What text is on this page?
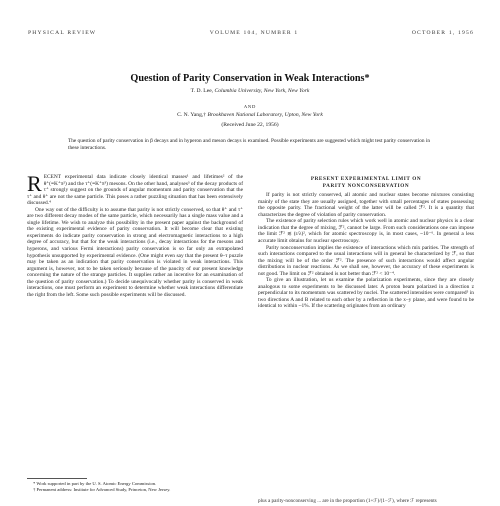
PHYSICAL REVIEW	VOLUME 104, NUMBER 1	OCTOBER 1, 1956
Question of Parity Conservation in Weak Interactions*
T. D. Lee, Columbia University, New York, New York
AND
C. N. Yang,† Brookhaven National Laboratory, Upton, New York
(Received June 22, 1956)
The question of parity conservation in β decays and in hyperon and meson decays is examined. Possible experiments are suggested which might test parity conservation in these interactions.

RECENT experimental data indicate closely identical masses¹ and lifetimes² of the θ⁺(≡K⁺π²) and the τ⁺(≡K⁺π³) mesons. On the other hand, analyses³ of the decay products of τ⁺ strongly suggest on the grounds of angular momentum and parity conservation that the τ⁺ and θ⁺ are not the same particle. This poses a rather puzzling situation that has been extensively discussed.⁴

One way out of the difficulty is to assume that parity is not strictly conserved, so that θ⁺ and τ⁺ are two different decay modes of the same particle, which necessarily has a single mass value and a single lifetime. We wish to analyze this possibility in the present paper against the background of the existing experimental evidence of parity conservation. It will become clear that existing experiments do indicate parity conservation in strong and electromagnetic interactions to a high degree of accuracy, but that for the weak interactions (i.e., decay interactions for the mesons and hyperons, and various Fermi interactions) parity conservation is so far only an extrapolated hypothesis unsupported by experimental evidence. (One might even say that the present θ–τ puzzle may be taken as an indication that parity conservation is violated in weak interactions. This argument is, however, not to be taken seriously because of the paucity of our present knowledge concerning the nature of the strange particles. It supplies rather an incentive for an examination of the question of parity conservation.) To decide unequivocally whether parity is conserved in weak interactions, one must perform an experiment to determine whether weak interactions differentiate the right from the left. Some such possible experiments will be discussed.

PRESENT EXPERIMENTAL LIMIT ON
PARITY NONCONSERVATION

If parity is not strictly conserved, all atomic and nuclear states become mixtures consisting mainly of the state they are usually assigned, together with small percentages of states possessing the opposite parity. The fractional weight of the latter will be called ℱ². It is a quantity that characterizes the degree of violation of parity conservation.

The existence of parity selection rules which work well in atomic and nuclear physics is a clear indication that the degree of mixing, ℱ², cannot be large. From such considerations one can impose the limit ℱ² ≲ (r/λ)², which for atomic spectroscopy is, in most cases, ~10⁻⁶. In general a less accurate limit obtains for nuclear spectroscopy.

Parity nonconservation implies the existence of interactions which mix parities. The strength of such interactions compared to the usual interactions will in general be characterized by ℱ, so that the mixing will be of the order ℱ². The presence of such interactions would affect angular distributions in nuclear reactions. As we shall see, however, the accuracy of these experiments is not good. The limit on ℱ² obtained is not better than ℱ² < 10⁻⁴.

To give an illustration, let us examine the polarization experiments, since they are closely analogous to some experiments to be discussed later. A proton beam polarized in a direction z perpendicular to its momentum was scattered by nuclei. The scattered intensities were compared⁵ in two directions A and B related to each other by a reflection in the x–y plane, and were found to be identical to within ~1%. If the scattering originates from an ordinary

* Work supported in part by the U. S. Atomic Energy Commission.

† Permanent address: Institute for Advanced Study, Princeton, New Jersey.

plus a parity-nonconserving ... are in the proportion (1+ℱ)/(1−ℱ), where ℱ represents
